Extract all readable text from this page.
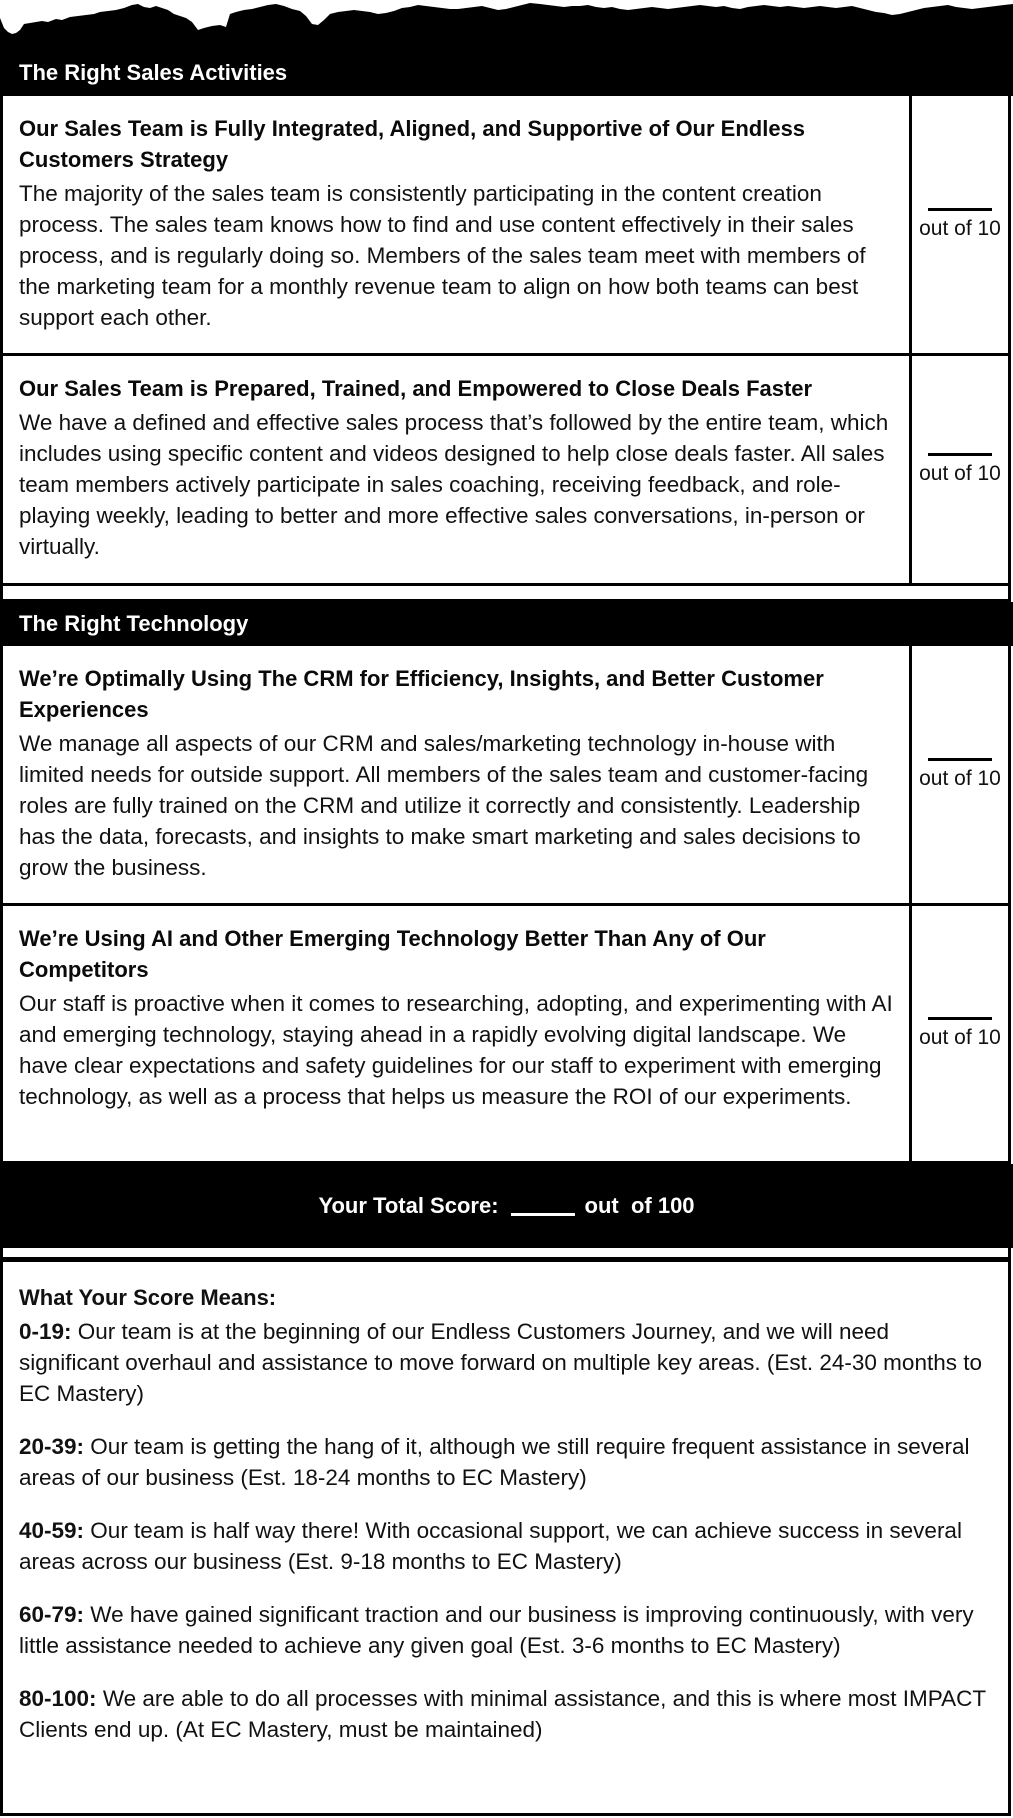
The Right Sales Activities
Our Sales Team is Fully Integrated, Aligned, and Supportive of Our Endless Customers Strategy
The majority of the sales team is consistently participating in the content creation process. The sales team knows how to find and use content effectively in their sales process, and is regularly doing so. Members of the sales team meet with members of the marketing team for a monthly revenue team to align on how both teams can best support each other.
out of 10
Our Sales Team is Prepared, Trained, and Empowered to Close Deals Faster
We have a defined and effective sales process that’s followed by the entire team, which includes using specific content and videos designed to help close deals faster. All sales team members actively participate in sales coaching, receiving feedback, and role-playing weekly, leading to better and more effective sales conversations, in-person or virtually.
out of 10
The Right Technology
We’re Optimally Using The CRM for Efficiency, Insights, and Better Customer Experiences
We manage all aspects of our CRM and sales/marketing technology in-house with limited needs for outside support. All members of the sales team and customer-facing roles are fully trained on the CRM and utilize it correctly and consistently. Leadership has the data, forecasts, and insights to make smart marketing and sales decisions to grow the business.
out of 10
We’re Using AI and Other Emerging Technology Better Than Any of Our Competitors
Our staff is proactive when it comes to researching, adopting, and experimenting with AI and emerging technology, staying ahead in a rapidly evolving digital landscape. We have clear expectations and safety guidelines for our staff to experiment with emerging technology, as well as a process that helps us measure the ROI of our experiments.
out of 10
Your Total Score:	out  of 100
What Your Score Means:
0-19: Our team is at the beginning of our Endless Customers Journey, and we will need significant overhaul and assistance to move forward on multiple key areas. (Est. 24-30 months to EC Mastery)
20-39: Our team is getting the hang of it, although we still require frequent assistance in several areas of our business (Est. 18-24 months to EC Mastery)
40-59: Our team is half way there! With occasional support, we can achieve success in several areas across our business (Est. 9-18 months to EC Mastery)
60-79: We have gained significant traction and our business is improving continuously, with very little assistance needed to achieve any given goal (Est. 3-6 months to EC Mastery)
80-100: We are able to do all processes with minimal assistance, and this is where most IMPACT Clients end up. (At EC Mastery, must be maintained)
